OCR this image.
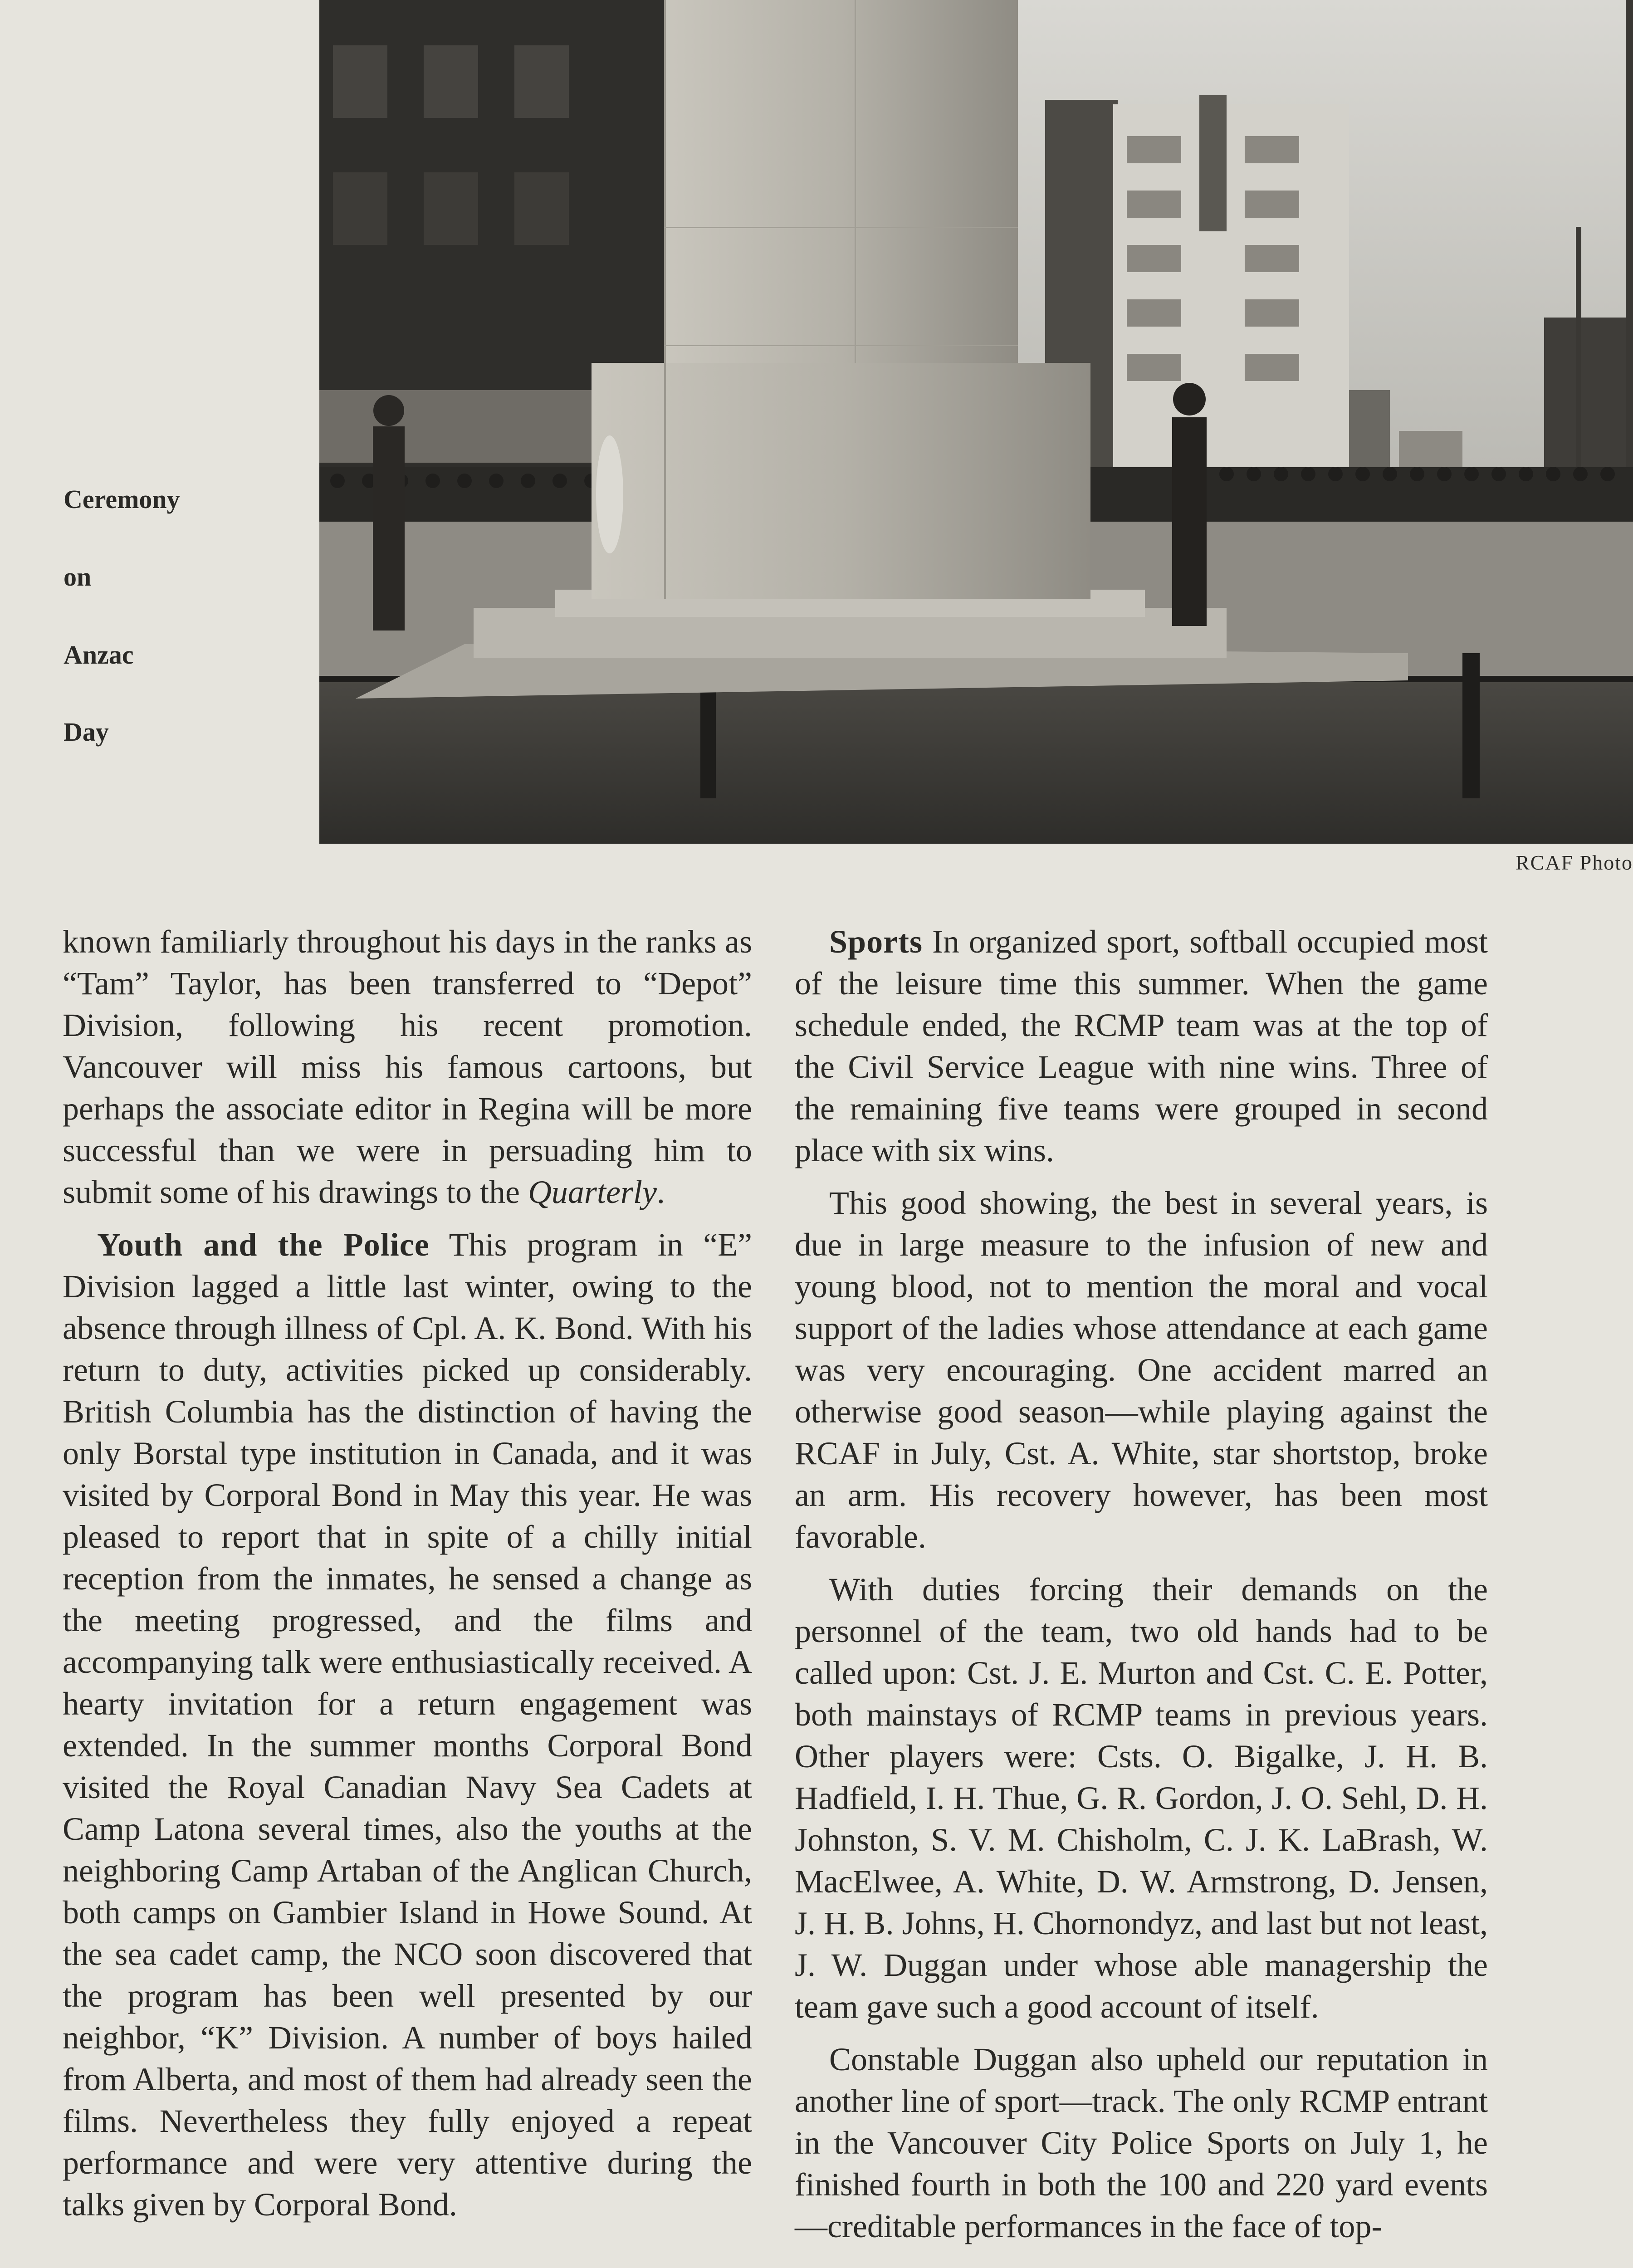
Ceremony
on
Anzac
Day
RCAF Photo

known familiarly throughout his days in the ranks as “Tam” Taylor, has been transferred to “Depot” Division, following his recent promotion. Vancouver will miss his famous cartoons, but perhaps the associate editor in Regina will be more successful than we were in persuading him to submit some of his drawings to the Quarterly.

Youth and the Police This program in “E” Division lagged a little last winter, owing to the absence through illness of Cpl. A. K. Bond. With his return to duty, activities picked up considerably. British Columbia has the distinction of having the only Borstal type institution in Canada, and it was visited by Corporal Bond in May this year. He was pleased to report that in spite of a chilly initial reception from the inmates, he sensed a change as the meeting progressed, and the films and accompanying talk were enthusiastically received. A hearty invitation for a return engagement was extended. In the summer months Corporal Bond visited the Royal Canadian Navy Sea Cadets at Camp Latona several times, also the youths at the neighboring Camp Artaban of the Anglican Church, both camps on Gambier Island in Howe Sound. At the sea cadet camp, the NCO soon discovered that the program has been well presented by our neighbor, “K” Division. A number of boys hailed from Alberta, and most of them had already seen the films. Nevertheless they fully enjoyed a repeat performance and were very attentive during the talks given by Corporal Bond.

Sports In organized sport, softball occupied most of the leisure time this summer. When the game schedule ended, the RCMP team was at the top of the Civil Service League with nine wins. Three of the remaining five teams were grouped in second place with six wins.

This good showing, the best in several years, is due in large measure to the infusion of new and young blood, not to mention the moral and vocal support of the ladies whose attendance at each game was very encouraging. One accident marred an otherwise good season—while playing against the RCAF in July, Cst. A. White, star shortstop, broke an arm. His recovery however, has been most favorable.

With duties forcing their demands on the personnel of the team, two old hands had to be called upon: Cst. J. E. Murton and Cst. C. E. Potter, both mainstays of RCMP teams in previous years. Other players were: Csts. O. Bigalke, J. H. B. Hadfield, I. H. Thue, G. R. Gordon, J. O. Sehl, D. H. Johnston, S. V. M. Chisholm, C. J. K. LaBrash, W. MacElwee, A. White, D. W. Armstrong, D. Jensen, J. H. B. Johns, H. Chornondyz, and last but not least, J. W. Duggan under whose able managership the team gave such a good account of itself.

Constable Duggan also upheld our reputation in another line of sport—track. The only RCMP entrant in the Vancouver City Police Sports on July 1, he finished fourth in both the 100 and 220 yard events—creditable performances in the face of top-
